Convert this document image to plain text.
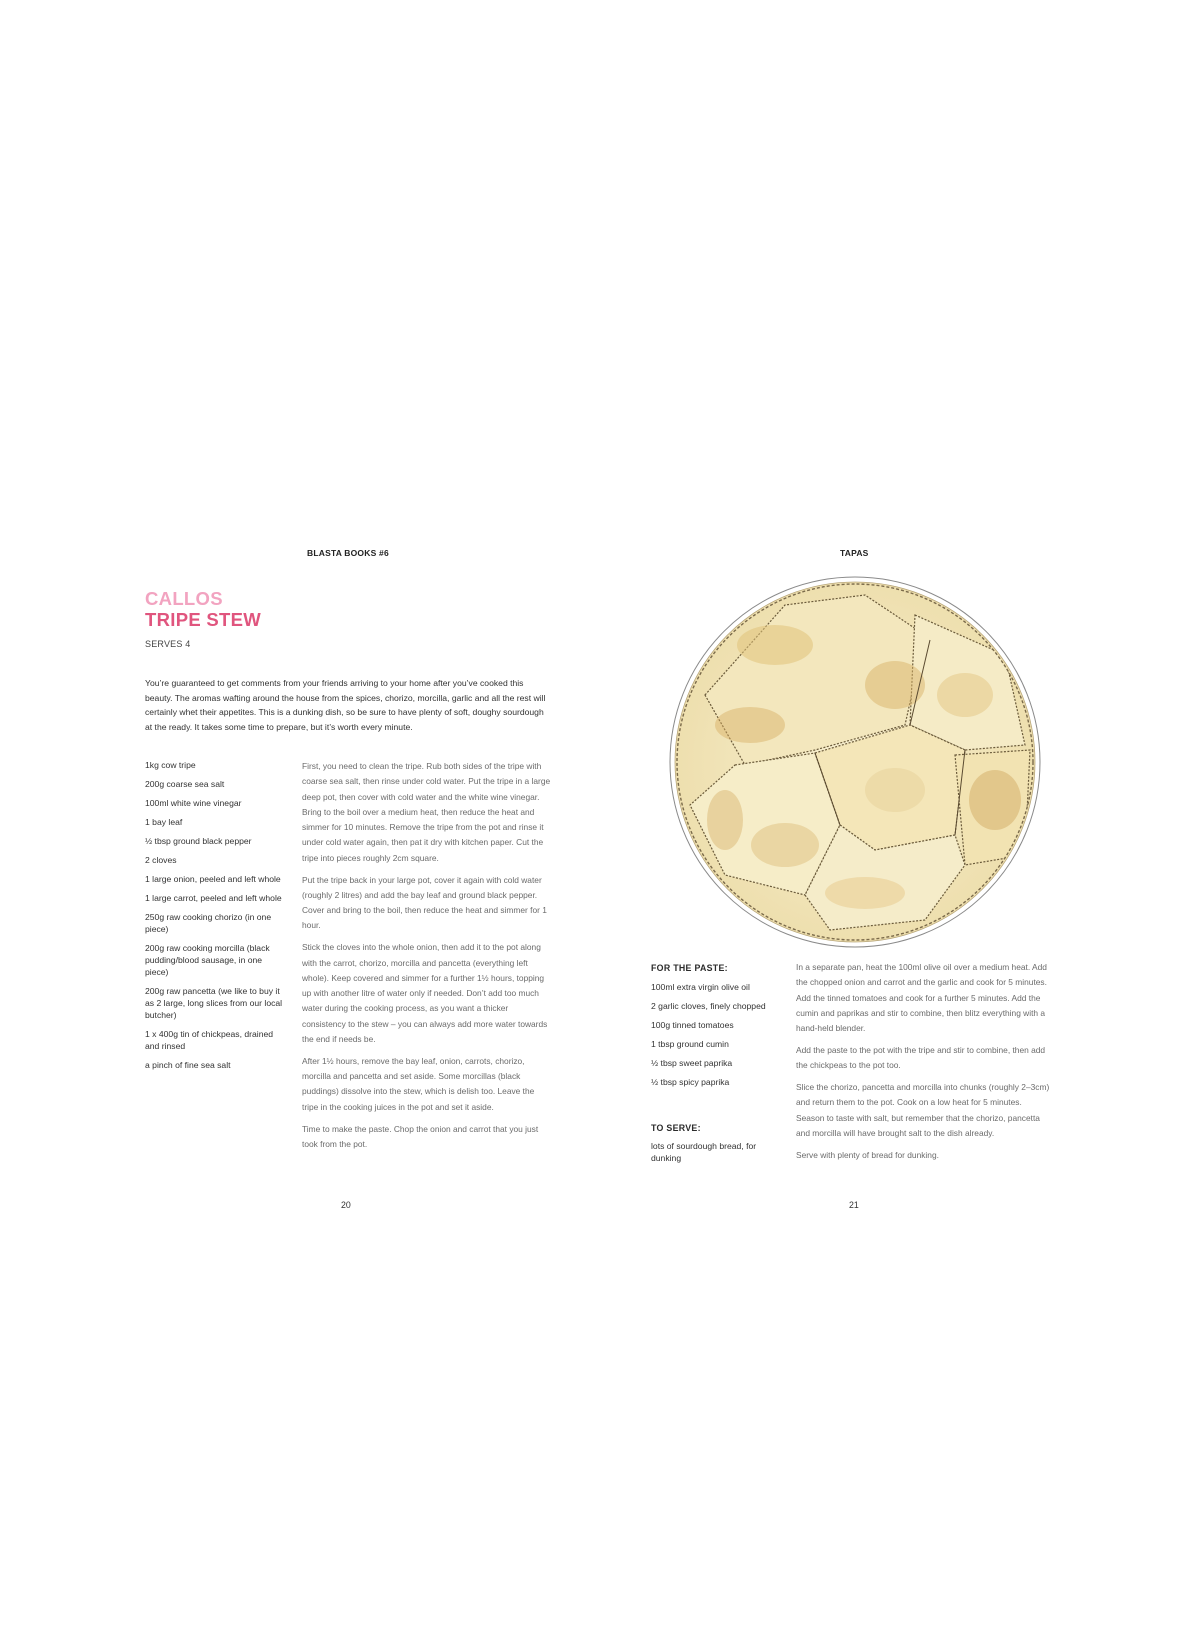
BLASTA BOOKS #6	TAPAS
CALLOS
TRIPE STEW
SERVES 4

You’re guaranteed to get comments from your friends arriving to your home after you’ve cooked this beauty. The aromas wafting around the house from the spices, chorizo, morcilla, garlic and all the rest will certainly whet their appetites. This is a dunking dish, so be sure to have plenty of soft, doughy sourdough at the ready. It takes some time to prepare, but it’s worth every minute.

1kg cow tripe
200g coarse sea salt
100ml white wine vinegar
1 bay leaf
½ tbsp ground black pepper
2 cloves
1 large onion, peeled and left whole
1 large carrot, peeled and left whole
250g raw cooking chorizo (in one piece)
200g raw cooking morcilla (black pudding/blood sausage, in one piece)
200g raw pancetta (we like to buy it as 2 large, long slices from our local butcher)
1 x 400g tin of chickpeas, drained and rinsed
a pinch of fine sea salt

First, you need to clean the tripe. Rub both sides of the tripe with coarse sea salt, then rinse under cold water. Put the tripe in a large deep pot, then cover with cold water and the white wine vinegar. Bring to the boil over a medium heat, then reduce the heat and simmer for 10 minutes. Remove the tripe from the pot and rinse it under cold water again, then pat it dry with kitchen paper. Cut the tripe into pieces roughly 2cm square.

Put the tripe back in your large pot, cover it again with cold water (roughly 2 litres) and add the bay leaf and ground black pepper. Cover and bring to the boil, then reduce the heat and simmer for 1 hour.

Stick the cloves into the whole onion, then add it to the pot along with the carrot, chorizo, morcilla and pancetta (everything left whole). Keep covered and simmer for a further 1½ hours, topping up with another litre of water only if needed. Don’t add too much water during the cooking process, as you want a thicker consistency to the stew – you can always add more water towards the end if needs be.

After 1½ hours, remove the bay leaf, onion, carrots, chorizo, morcilla and pancetta and set aside. Some morcillas (black puddings) dissolve into the stew, which is delish too. Leave the tripe in the cooking juices in the pot and set it aside.

Time to make the paste. Chop the onion and carrot that you just took from the pot.

FOR THE PASTE:
100ml extra virgin olive oil
2 garlic cloves, finely chopped
100g tinned tomatoes
1 tbsp ground cumin
½ tbsp sweet paprika
½ tbsp spicy paprika
TO SERVE:
lots of sourdough bread, for dunking

In a separate pan, heat the 100ml olive oil over a medium heat. Add the chopped onion and carrot and the garlic and cook for 5 minutes. Add the tinned tomatoes and cook for a further 5 minutes. Add the cumin and paprikas and stir to combine, then blitz everything with a hand-held blender.

Add the paste to the pot with the tripe and stir to combine, then add the chickpeas to the pot too.

Slice the chorizo, pancetta and morcilla into chunks (roughly 2–3cm) and return them to the pot. Cook on a low heat for 5 minutes. Season to taste with salt, but remember that the chorizo, pancetta and morcilla will have brought salt to the dish already.

Serve with plenty of bread for dunking.

20	21
